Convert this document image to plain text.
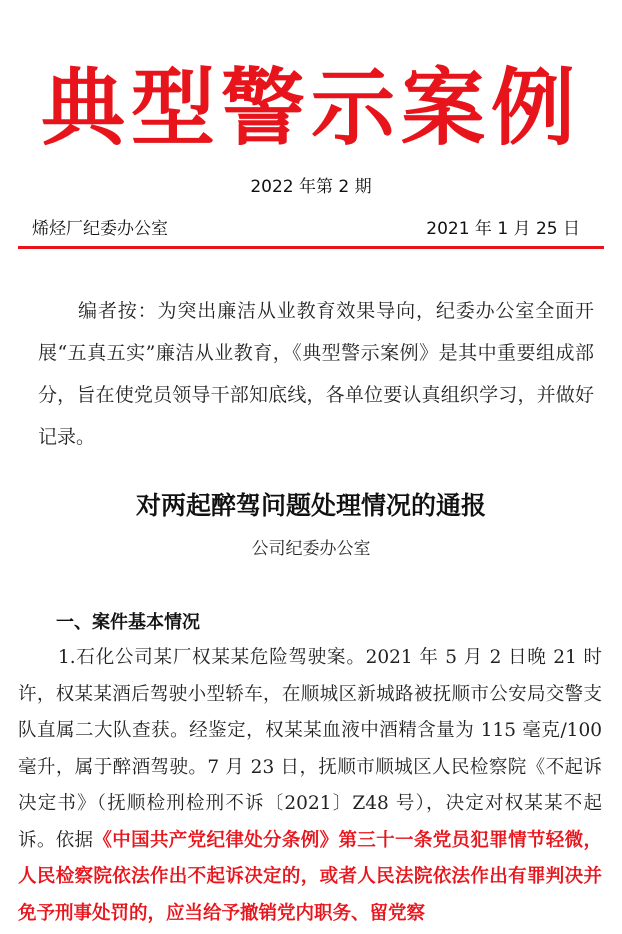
典型警示案例
2022 年第 2 期
烯烃厂纪委办公室	2021 年 1 月 25 日
编者按：为突出廉洁从业教育效果导向，纪委办公室全面开展“五真五实”廉洁从业教育，《典型警示案例》是其中重要组成部分，旨在使党员领导干部知底线，各单位要认真组织学习，并做好记录。
对两起醉驾问题处理情况的通报
公司纪委办公室
一、案件基本情况
1.石化公司某厂权某某危险驾驶案。2021 年 5 月 2 日晚 21 时许，权某某酒后驾驶小型轿车，在顺城区新城路被抚顺市公安局交警支队直属二大队查获。经鉴定，权某某血液中酒精含量为 115 毫克/100 毫升，属于醉酒驾驶。7 月 23 日，抚顺市顺城区人民检察院《不起诉决定书》（抚顺检刑检刑不诉〔2021〕Z48 号），决定对权某某不起诉。依据《中国共产党纪律处分条例》第三十一条党员犯罪情节轻微，人民检察院依法作出不起诉决定的，或者人民法院依法作出有罪判决并免予刑事处罚的，应当给予撤销党内职务、留党察
